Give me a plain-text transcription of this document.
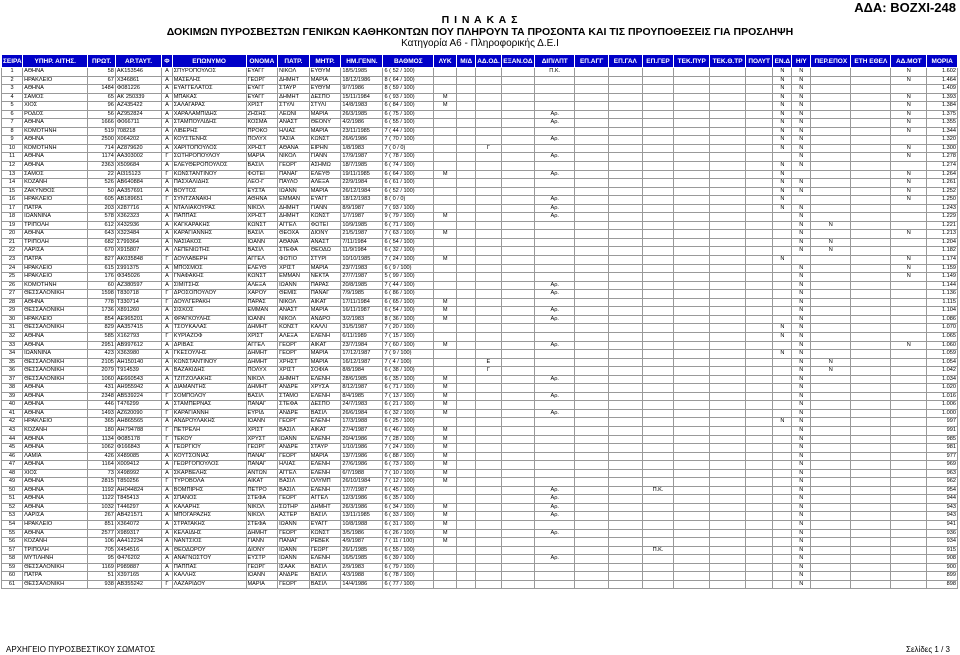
ΑΔΑ: ΒΟΖΧΙ-248
Π Ι Ν Α Κ Α Σ
ΔΟΚΙΜΩΝ ΠΥΡΟΣΒΕΣΤΩΝ ΓΕΝΙΚΩΝ ΚΑΘΗΚΟΝΤΩΝ ΠΟΥ ΠΛΗΡΟΥΝ ΤΑ ΠΡΟΣΟΝΤΑ ΚΑΙ ΤΙΣ ΠΡΟΥΠΟΘΕΣΕΙΣ ΓΙΑ ΠΡΟΣΛΗΨΗ
Κατηγορία Α6 - Πληροφορικής Δ.Ε.Ι
ΣΕΙΡΑ	ΥΠΗΡ. ΑΙΤΗΣ.	ΠΡΩΤ.	ΑΡ.ΤΑΥΤ.	Φ	ΕΠΩΝΥΜΟ	ΟΝΟΜΑ	ΠΑΤΡ.	ΜΗΤΡ.	ΗΜ.ΓΕΝΝ.	ΒΑΘΜΟΣ	ΛΥΚ	Μ/Δ	ΑΔ.ΟΔ.	ΕΞΑΝ.ΟΔ	ΔΙΠ/ΛΠΤ	ΕΠ.ΑΓΓ	ΕΠ.ΓΑΛ	ΕΠ.ΓΕΡ	ΤΕΚ.ΠΥΡ	ΤΕΚ.Θ.ΤΡ	ΠΟΛΥΤ	ΕΝ.Δ	Η/Υ	ΠΕΡ.ΕΠΟΧ	ΕΤΗ ΕΘΕΛ	ΑΔ.ΜΟΤ	ΜΟΡΙΑ
1	ΑΘΗΝΑ	58	ΑΚ153546	Α	ΣΠΥΡΟΠΟΥΛΟΣ	ΕΥΑΓΓ	ΝΙΚΟΛ	ΕΥΘΥΜ	18/5/1985	6 ( 52 / 100)					Π.Κ.							Ν	Ν			Ν	1.602
2	ΗΡΑΚΛΕΙΟ	67	Χ346861	Α	ΜΑΣΕΛΗΣ	ΓΕΩΡΓ	ΔΗΜΗΤ	ΜΑΡΙΑ	18/12/1986	8 ( 64 / 100)												Ν	Ν			Ν	1.464
3	ΑΘΗΝΑ	1484	Φ081226	Α	ΕΥΑΓΓΕΛΑΤΟΣ	ΕΥΑΓΓ	ΣΤΑΥΡ	ΕΥΘΥΜ	9/7/1986	8 ( 59 / 100)												Ν	Ν				1.409
4	ΣΑΜΟΣ	65	ΑΚ 250339	Α	ΜΠΑΚΑΣ	ΕΥΑΓΓ	ΔΗΜΗΤ	ΔΕΣΠΟ	15/11/1984	6 ( 93 / 100)	Μ											Ν	Ν			Ν	1.393
5	ΧΙΟΣ	96	ΑΖ435422	Α	ΣΑΛΑΓΑΡΑΣ	ΧΡΙΣΤ	ΣΤΥΛΙ	ΣΤΥΛΙ	14/8/1983	6 ( 84 / 100)	Μ											Ν	Ν			Ν	1.384
6	ΡΟΔΟΣ	56	ΑΖ952824	Α	ΧΑΡΑΛΑΜΠΙΔΗΣ	ΖΗΣΗΣ	ΛΕΩΝΙ	ΜΑΡΙΑ	26/3/1985	6 ( 75 / 100)					Αρ.							Ν	Ν			Ν	1.375
7	ΑΘΗΝΑ	1666	Φ066711	Α	ΣΤΑΜΠΟΥΛΙΔΗΣ	ΚΟΣΜΑ	ΑΝΑΣΤ	ΘΕΟΝΥ	4/2/1986	6 ( 55 / 100)					Αρ.							Ν	Ν			Ν	1.355
8	ΚΟΜΟΤΗΝΗ	519	708218	Α	ΛΙΒΕΡΗΣ	ΠΡΟΚΟ	ΗΛΙΑΣ	ΜΑΡΙΑ	23/11/1985	7 ( 44 / 100)												Ν	Ν			Ν	1.344
9	ΑΘΗΝΑ	2500	Χ064202	Α	ΚΟΥΣΤΕΝΗΣ	ΠΟΛΥΧ	ΤΑΣΙΑ	ΚΩΝΣΤ	26/6/1986	7 ( 70 / 100)					Αρ.							Ν	Ν				1.320
10	ΚΟΜΟΤΗΝΗ	714	ΑΖ879620	Α	ΧΑΡΙΤΟΠΟΥΛΟΣ	ΧΡΗΣΤ	ΑΘΑΝΑ	ΕΙΡΗΝ	1/8/1983	7 ( 0 / 0)			Γ									Ν	Ν			Ν	1.300
11	ΑΘΗΝΑ	1174	ΑΑ303002	Γ	ΣΩΤΗΡΟΠΟΥΛΟΥ	ΜΑΡΙΑ	ΝΙΚΟΛ	ΓΙΑΝΝ	17/9/1987	7 ( 78 / 100)					Αρ.								Ν			Ν	1.278
12	ΑΘΗΝΑ	2363	Χ509684	Α	ΕΛΕΥΘΕΡΟΠΟΥΛΟΣ	ΒΑΣΙΛ	ΓΕΩΡΓ	ΑΣΗΜΩ	18/7/1985	6 ( 74 / 100)												Ν	Ν				1.274
13	ΣΑΜΟΣ	22	ΑΙ315123	Γ	ΚΩΝΣΤΑΝΤΙΝΟΥ	ΦΩΤΕΙ	ΠΑΝΑΓ	ΕΛΕΥΘ	19/11/1985	6 ( 64 / 100)	Μ				Αρ.							Ν				Ν	1.264
14	ΚΟΖΑΝΗ	526	ΑΒ640884	Α	ΠΑΣΧΑΛΙΔΗΣ	ΛΕΟ-Γ	ΠΑΥΛΟ	ΑΛΕΞΑ	22/9/1984	6 ( 61 / 100)												Ν	Ν			Ν	1.261
15	ΖΑΚΥΝΘΟΣ	50	ΑΑ357691	Α	ΒΟΥΤΟΣ	ΕΥΣΤΑ	ΙΩΑΝΝ	ΜΑΡΙΑ	26/12/1984	6 ( 52 / 100)												Ν	Ν			Ν	1.252
16	ΗΡΑΚΛΕΙΟ	605	ΑΒ189651	Γ	ΣΥΝΤΖΑΝΑΚΗ	ΑΘΗΝΑ	ΕΜΜΑΝ	ΕΥΑΓΓ	18/12/1983	8 ( 0 / 0)					Αρ.							Ν				Ν	1.250
17	ΠΑΤΡΑ	203	Χ287716	Α	ΝΤΑΛΙΑΚΟΥΡΑΣ	ΝΙΚΟΛ	ΔΗΜΗΤ	ΓΙΑΝΝ	8/9/1987	7 ( 93 / 100)					Αρ.							Ν	Ν				1.243
18	ΙΩΑΝΝΙΝΑ	578	Χ362323	Α	ΠΑΠΠΑΣ	ΧΡΗΣΤ	ΔΗΜΗΤ	ΚΩΝΣΤ	1/7/1987	9 ( 79 / 100)	Μ				Αρ.								Ν				1.229
19	ΤΡΙΠΟΛΗ	612	Χ432936	Α	ΚΑΓΚΑΡΑΚΗΣ	ΚΩΝΣΤ	ΑΓΓΕΛ	ΦΩΤΕΙ	10/9/1985	6 ( 71 / 100)													Ν	Ν			1.221
20	ΑΘΗΝΑ	643	Χ323484	Α	ΚΑΡΑΓΙΑΝΝΗΣ	ΒΑΣΙΛ	ΘΕΟΧΑ	ΔΙΟΝΥ	21/5/1987	7 ( 63 / 100)	Μ												Ν			Ν	1.213
21	ΤΡΙΠΟΛΗ	682	Σ799364	Α	ΝΑΣΙΑΚΟΣ	ΙΩΑΝΝ	ΑΘΑΝΑ	ΑΝΑΣΤ	7/11/1984	6 ( 54 / 100)													Ν	Ν			1.204
22	ΛΑΡΙΣΑ	670	Χ915807	Α	ΛΕΠΕΝΙΩΤΗΣ	ΒΑΣΙΛ	ΣΤΕΦΑ	ΘΕΟΔΩ	11/9/1984	6 ( 32 / 100)													Ν	Ν			1.182
23	ΠΑΤΡΑ	827	ΑΚ035848	Γ	ΔΟΥΛΑΒΕΡΗ	ΑΓΓΕΛ	ΦΩΤΙΟ	ΣΤΥΡΙ	10/10/1985	7 ( 24 / 100)	Μ											Ν				Ν	1.174
24	ΗΡΑΚΛΕΙΟ	615	Σ991375	Α	ΜΠΟΣΜΟΣ	ΕΛΕΥΘ	ΧΡΙΣΤ	ΜΑΡΙΑ	23/7/1983	6 ( 9 / 100)													Ν			Ν	1.159
25	ΗΡΑΚΛΕΙΟ	176	Φ345026	Α	ΓΝΑΦΑΚΗΣ	ΚΩΝΣΤ	ΕΜΜΑΝ	ΝΕΚΤΑ	27/7/1987	5 ( 99 / 100)													Ν			Ν	1.149
26	ΚΟΜΟΤΗΝΗ	60	ΑΖ380597	Α	ΣΙΜΙΤΣΗΣ	ΑΛΕΞΑ	ΙΩΑΝΝ	ΠΑΡΑΣ	20/8/1985	7 ( 44 / 100)					Αρ.								Ν				1.144
27	ΘΕΣΣΑΛΟΝΙΚΗ	1598	Τ830718	Γ	ΔΡΟΣΟΠΟΥΛΟΥ	ΧΑΡΟΥ	ΘΕΜΙΣ	ΠΑΝΑΓ	7/9/1985	6 ( 86 / 100)					Αρ.								Ν				1.136
28	ΑΘΗΝΑ	778	Τ330714	Γ	ΔΟΥΛΓΕΡΑΚΗ	ΠΑΡΑΣ	ΝΙΚΟΛ	ΑΙΚΑΤ	17/11/1984	6 ( 65 / 100)	Μ												Ν				1.115
29	ΘΕΣΣΑΛΟΝΙΚΗ	1736	Χ891260	Α	ΣΙΣΚΟΣ	ΕΜΜΑΝ	ΑΝΑΣΤ	ΜΑΡΙΑ	16/11/1987	6 ( 54 / 100)	Μ				Αρ.								Ν				1.104
30	ΗΡΑΚΛΕΙΟ	854	ΑΕ965201	Α	ΦΡΑΓΚΟΥΛΗΣ	ΙΩΑΝΝ	ΝΙΚΟΛ	ΑΝΔΡΟ	3/2/1983	8 ( 36 / 100)	Μ				Αρ.								Ν				1.086
31	ΘΕΣΣΑΛΟΝΙΚΗ	829	ΑΑ357415	Α	ΤΣΟΥΚΑΛΑΣ	ΔΗΜΗΤ	ΚΩΝΣΤ	ΚΑΛΛΙ	31/5/1987	7 ( 20 / 100)												Ν	Ν				1.070
32	ΑΘΗΝΑ	585	Χ162793	Γ	ΚΥΡΙΑΖΟΦ	ΧΡΙΣΤ	ΑΛΕΞΑ	ΕΛΕΝΗ	6/11/1989	7 ( 15 / 100)												Ν	Ν				1.065
33	ΑΘΗΝΑ	2951	ΑΒ997612	Α	ΔΡΙΒΑΣ	ΑΓΓΕΛ	ΓΕΩΡΓ	ΑΙΚΑΤ	23/7/1984	7 ( 60 / 100)	Μ				Αρ.								Ν			Ν	1.060
34	ΙΩΑΝΝΙΝΑ	423	Χ363980	Α	ΓΚΕΣΟΥΛΗΣ	ΔΗΜΗΤ	ΓΕΩΡΓ	ΜΑΡΙΑ	17/12/1987	7 ( 9 / 100)												Ν	Ν				1.059
35	ΘΕΣΣΑΛΟΝΙΚΗ	2105	ΑΗ150140	Α	ΚΩΝΣΤΑΝΤΙΝΟΥ	ΔΗΜΗΤ	ΧΡΗΣΤ	ΜΑΡΙΑ	16/12/1987	7 ( 4 / 100)			Ε										Ν	Ν			1.054
36	ΘΕΣΣΑΛΟΝΙΚΗ	2079	Τ914539	Α	ΒΑΖΑΚΙΔΗΣ	ΠΟΛΥΧ	ΧΡΙΣΤ	ΣΟΦΙΑ	8/8/1984	6 ( 38 / 100)			Γ										Ν	Ν			1.042
37	ΘΕΣΣΑΛΟΝΙΚΗ	1060	ΑΕ660543	Α	ΤΖΙΤΖΟΛΑΚΗΣ	ΝΙΚΟΛ	ΔΗΜΗΤ	ΕΛΕΝΗ	28/6/1985	6 ( 35 / 100)	Μ				Αρ.								Ν				1.034
38	ΑΘΗΝΑ	431	ΑΗ955942	Α	ΔΙΑΜΑΝΤΗΣ	ΔΗΜΗΤ	ΑΝΔΡΕ	ΧΡΥΣΑ	8/12/1987	6 ( 71 / 100)	Μ												Ν				1.020
39	ΑΘΗΝΑ	2348	ΑΒ539224	Γ	ΣΟΜΠΟΛΟΥ	ΒΑΣΙΛ	ΣΤΑΜΟ	ΕΛΕΝΗ	8/4/1985	7 ( 13 / 100)	Μ				Αρ.								Ν				1.016
40	ΑΘΗΝΑ	446	Τ476299	Α	ΣΤΑΜΠΕΡΝΑΣ	ΠΑΝΑΓ	ΣΤΕΦΑ	ΔΕΣΠΟ	24/7/1983	6 ( 21 / 100)	Μ												Ν				1.006
41	ΑΘΗΝΑ	1493	ΑΖ620090	Γ	ΚΑΡΑΓΙΑΝΝΗ	ΕΥΡΙΔ	ΑΝΔΡΕ	ΒΑΣΙΛ	26/6/1984	6 ( 32 / 100)	Μ				Αρ.								Ν				1.000
42	ΗΡΑΚΛΕΙΟ	365	ΑΗ865565	Α	ΑΝΔΡΟΥΛΑΚΗΣ	ΙΩΑΝΝ	ΓΕΩΡΓ	ΕΛΕΝΗ	17/3/1988	6 ( 25 / 100)												Ν	Ν				997
43	ΚΟΖΑΝΗ	180	ΑΗ794788	Γ	ΠΕΤΡΕΛΗ	ΧΡΙΣΤ	ΒΑΣΙΛ	ΑΙΚΑΤ	27/4/1987	6 ( 46 / 100)	Μ												Ν				991
44	ΑΘΗΝΑ	1134	Φ085178	Γ	ΤΕΚΟΥ	ΧΡΥΣΤ	ΙΩΑΝΝ	ΕΛΕΝΗ	20/4/1986	7 ( 28 / 100)	Μ												Ν				985
45	ΑΘΗΝΑ	1062	Φ166843	Α	ΓΕΩΡΓΙΟΥ	ΓΕΩΡΓ	ΑΝΔΡΕ	ΣΤΑΥΡ	1/10/1986	7 ( 24 / 100)	Μ												Ν				981
46	ΛΑΜΙΑ	426	Χ489085	Α	ΚΟΥΤΣΟΝΙΑΣ	ΠΑΝΑΓ	ΓΕΩΡΓ	ΜΑΡΙΑ	13/7/1986	6 ( 88 / 100)	Μ												Ν				977
47	ΑΘΗΝΑ	1164	Χ009412	Α	ΓΕΩΡΓΟΠΟΥΛΟΣ	ΠΑΝΑΓ	ΗΛΙΑΣ	ΕΛΕΝΗ	27/6/1986	6 ( 73 / 100)	Μ												Ν				969
48	ΧΙΟΣ	73	Χ498992	Α	ΣΚΑΡΒΕΛΗΣ	ΑΝΤΩΝ	ΑΓΓΕΛ	ΕΛΕΝΗ	6/7/1988	7 ( 10 / 100)	Μ												Ν				963
49	ΑΘΗΝΑ	2815	Τ850256	Γ	ΤΥΡΟΒΟΛΑ	ΑΙΚΑΤ	ΒΑΣΙΛ	ΟΛΥΜΠ	26/10/1984	7 ( 12 / 100)	Μ												Ν				962
50	ΑΘΗΝΑ	1192	ΑΗ044824	Α	ΒΟΜΠΙΡΗΣ	ΠΕΤΡΟ	ΒΑΣΙΛ	ΕΛΕΝΗ	17/7/1987	6 ( 45 / 100)					Αρ.			Π.Κ.					Ν				954
51	ΑΘΗΝΑ	1122	Τ845413	Α	ΣΠΑΝΟΣ	ΣΤΕΦΑ	ΓΕΩΡΓ	ΑΓΓΕΛ	12/3/1986	6 ( 35 / 100)					Αρ.								Ν				944
52	ΑΘΗΝΑ	1032	Τ446297	Α	ΚΑΛΑΡΗΣ	ΝΙΚΟΛ	ΣΩΤΗΡ	ΔΗΜΗΤ	26/3/1986	6 ( 34 / 100)	Μ				Αρ.								Ν				943
53	ΛΑΡΙΣΑ	267	ΑΒ421571	Α	ΜΠΟΓΑΡΑΖΗΣ	ΝΙΚΟΛ	ΑΣΤΕΡ	ΒΑΣΙΛ	13/11/1985	6 ( 33 / 100)	Μ				Αρ.								Ν				943
54	ΗΡΑΚΛΕΙΟ	851	Χ364072	Α	ΣΤΡΑΤΑΚΗΣ	ΣΤΕΦΑ	ΙΩΑΝΝ	ΕΥΑΓΓ	10/8/1988	6 ( 31 / 100)	Μ												Ν				941
55	ΑΘΗΝΑ	2577	Χ989317	Α	ΚΕΛΑΙΔΗΣ	ΔΗΜΗΤ	ΓΕΩΡΓ	ΚΩΝΣΤ	3/5/1986	6 ( 26 / 100)	Μ				Αρ.								Ν				936
56	ΚΟΖΑΝΗ	106	ΑΑ412234	Α	ΝΑΝΤΣΙΟΣ	ΓΙΑΝΝ	ΠΑΝΑΓ	ΡΕΒΕΚ	4/9/1987	7 ( 11 / 100)	Μ												Ν				934
57	ΤΡΙΠΟΛΗ	705	Χ454516	Α	ΘΕΟΔΩΡΟΥ	ΔΙΟΝΥ	ΙΩΑΝΝ	ΓΕΩΡΓ	26/1/1985	6 ( 55 / 100)								Π.Κ.					Ν				915
58	ΜΥΤΙΛΗΝΗ	95	Φ476202	Α	ΑΝΑΓΝΩΣΤΟΥ	ΕΥΣΤΡ	ΙΩΑΝΝ	ΕΛΕΝΗ	16/5/1985	6 ( 39 / 100)					Αρ.								Ν				908
59	ΘΕΣΣΑΛΟΝΙΚΗ	1169	Ρ989887	Α	ΠΑΠΠΑΣ	ΓΕΩΡΓ	ΙΣΑΑΚ	ΒΑΣΙΛ	2/9/1983	6 ( 79 / 100)													Ν				900
60	ΠΑΤΡΑ	51	Χ397165	Α	ΚΑΛΛΗΣ	ΙΩΑΝΝ	ΑΝΔΡΕ	ΒΑΣΙΛ	4/3/1988	6 ( 78 / 100)													Ν				899
61	ΘΕΣΣΑΛΟΝΙΚΗ	938	ΑΒ355242	Γ	ΛΑΖΑΡΙΔΟΥ	ΜΑΡΙΑ	ΓΕΩΡΓ	ΒΑΣΙΛ	14/4/1986	6 ( 77 / 100)													Ν				898
ΑΡΧΗΓΕΙΟ ΠΥΡΟΣΒΕΣΤΙΚΟΥ ΣΩΜΑΤΟΣ	Σελίδες 1 / 3
